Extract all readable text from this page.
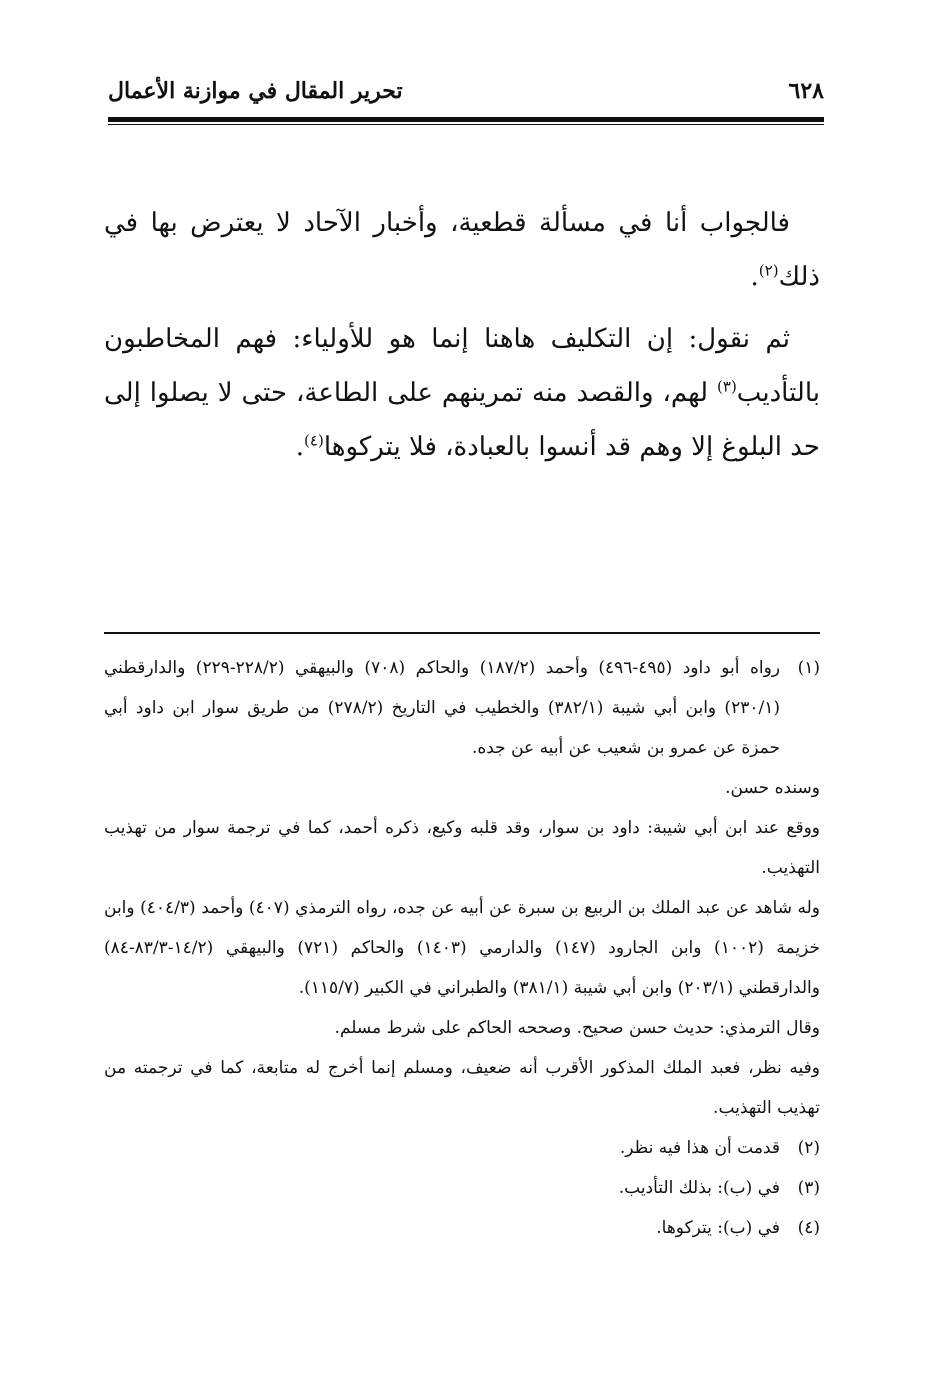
تحرير المقال في موازنة الأعمال	٦٢٨

فالجواب أنا في مسألة قطعية، وأخبار الآحاد لا يعترض بها في ذلك$^{(٢)}$.

ثم نقول: إن التكليف هاهنا إنما هو للأولياء: فهم المخاطبون بالتأديب$^{(٣)}$ لهم، والقصد منه تمرينهم على الطاعة، حتى لا يصلوا إلى حد البلوغ إلا وهم قد أنسوا بالعبادة، فلا يتركوها$^{(٤)}$.

(١)

رواه أبو داود (٤٩٥-٤٩٦) وأحمد (١٨٧/٢) والحاكم (٧٠٨) والبيهقي (٢٢٨/٢-٢٢٩) والدارقطني (٢٣٠/١) وابن أبي شيبة (٣٨٢/١) والخطيب في التاريخ (٢٧٨/٢) من طريق سوار ابن داود أبي حمزة عن عمرو بن شعيب عن أبيه عن جده.

وسنده حسن.

ووقع عند ابن أبي شيبة: داود بن سوار، وقد قلبه وكيع، ذكره أحمد، كما في ترجمة سوار من تهذيب التهذيب.

وله شاهد عن عبد الملك بن الربيع بن سبرة عن أبيه عن جده، رواه الترمذي (٤٠٧) وأحمد (٤٠٤/٣) وابن خزيمة (١٠٠٢) وابن الجارود (١٤٧) والدارمي (١٤٠٣) والحاكم (٧٢١) والبيهقي (١٤/٢-٨٣/٣-٨٤) والدارقطني (٢٠٣/١) وابن أبي شيبة (٣٨١/١) والطبراني في الكبير (١١٥/٧).

وقال الترمذي: حديث حسن صحيح. وصححه الحاكم على شرط مسلم.

وفيه نظر، فعبد الملك المذكور الأقرب أنه ضعيف، ومسلم إنما أخرج له متابعة، كما في ترجمته من تهذيب التهذيب.

(٢)
قدمت أن هذا فيه نظر.
(٣)
في (ب): بذلك التأديب.
(٤)
في (ب): يتركوها.
